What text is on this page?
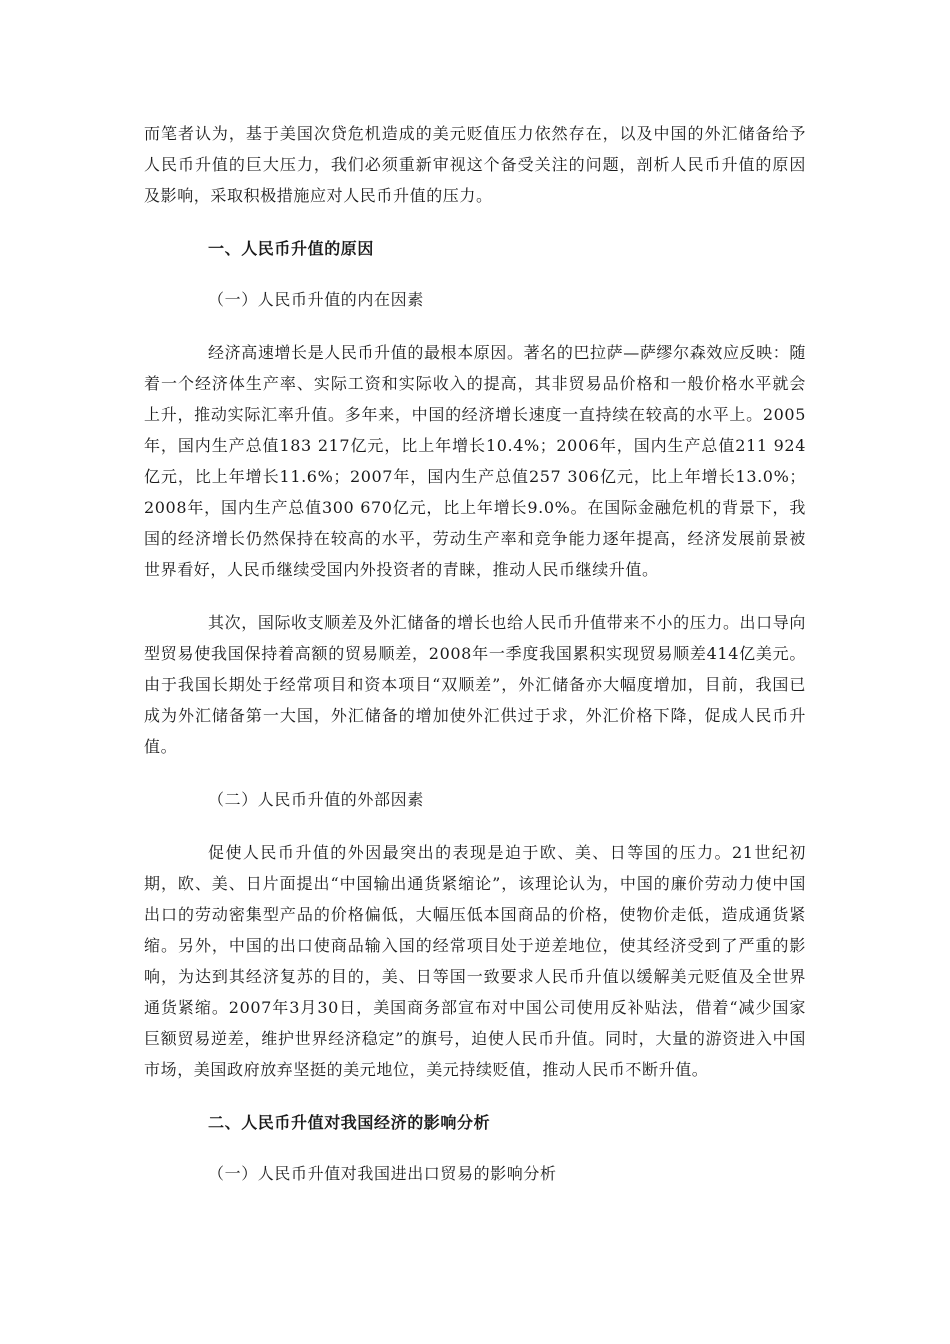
而笔者认为，基于美国次贷危机造成的美元贬值压力依然存在，以及中国的外汇储备给予人民币升值的巨大压力，我们必须重新审视这个备受关注的问题，剖析人民币升值的原因及影响，采取积极措施应对人民币升值的压力。

一、人民币升值的原因

（一）人民币升值的内在因素

经济高速增长是人民币升值的最根本原因。著名的巴拉萨—萨缪尔森效应反映：随着一个经济体生产率、实际工资和实际收入的提高，其非贸易品价格和一般价格水平就会上升，推动实际汇率升值。多年来，中国的经济增长速度一直持续在较高的水平上。2005年，国内生产总值183 217亿元，比上年增长10.4%；2006年，国内生产总值211 924亿元，比上年增长11.6%；2007年，国内生产总值257 306亿元，比上年增长13.0%；2008年，国内生产总值300 670亿元，比上年增长9.0%。在国际金融危机的背景下，我国的经济增长仍然保持在较高的水平，劳动生产率和竞争能力逐年提高，经济发展前景被世界看好，人民币继续受国内外投资者的青睐，推动人民币继续升值。

其次，国际收支顺差及外汇储备的增长也给人民币升值带来不小的压力。出口导向型贸易使我国保持着高额的贸易顺差，2008年一季度我国累积实现贸易顺差414亿美元。由于我国长期处于经常项目和资本项目“双顺差”，外汇储备亦大幅度增加，目前，我国已成为外汇储备第一大国，外汇储备的增加使外汇供过于求，外汇价格下降，促成人民币升值。

（二）人民币升值的外部因素

促使人民币升值的外因最突出的表现是迫于欧、美、日等国的压力。21世纪初期，欧、美、日片面提出“中国输出通货紧缩论”，该理论认为，中国的廉价劳动力使中国出口的劳动密集型产品的价格偏低，大幅压低本国商品的价格，使物价走低，造成通货紧缩。另外，中国的出口使商品输入国的经常项目处于逆差地位，使其经济受到了严重的影响，为达到其经济复苏的目的，美、日等国一致要求人民币升值以缓解美元贬值及全世界通货紧缩。2007年3月30日，美国商务部宣布对中国公司使用反补贴法，借着“减少国家巨额贸易逆差，维护世界经济稳定”的旗号，迫使人民币升值。同时，大量的游资进入中国市场，美国政府放弃坚挺的美元地位，美元持续贬值，推动人民币不断升值。

二、人民币升值对我国经济的影响分析

（一）人民币升值对我国进出口贸易的影响分析
